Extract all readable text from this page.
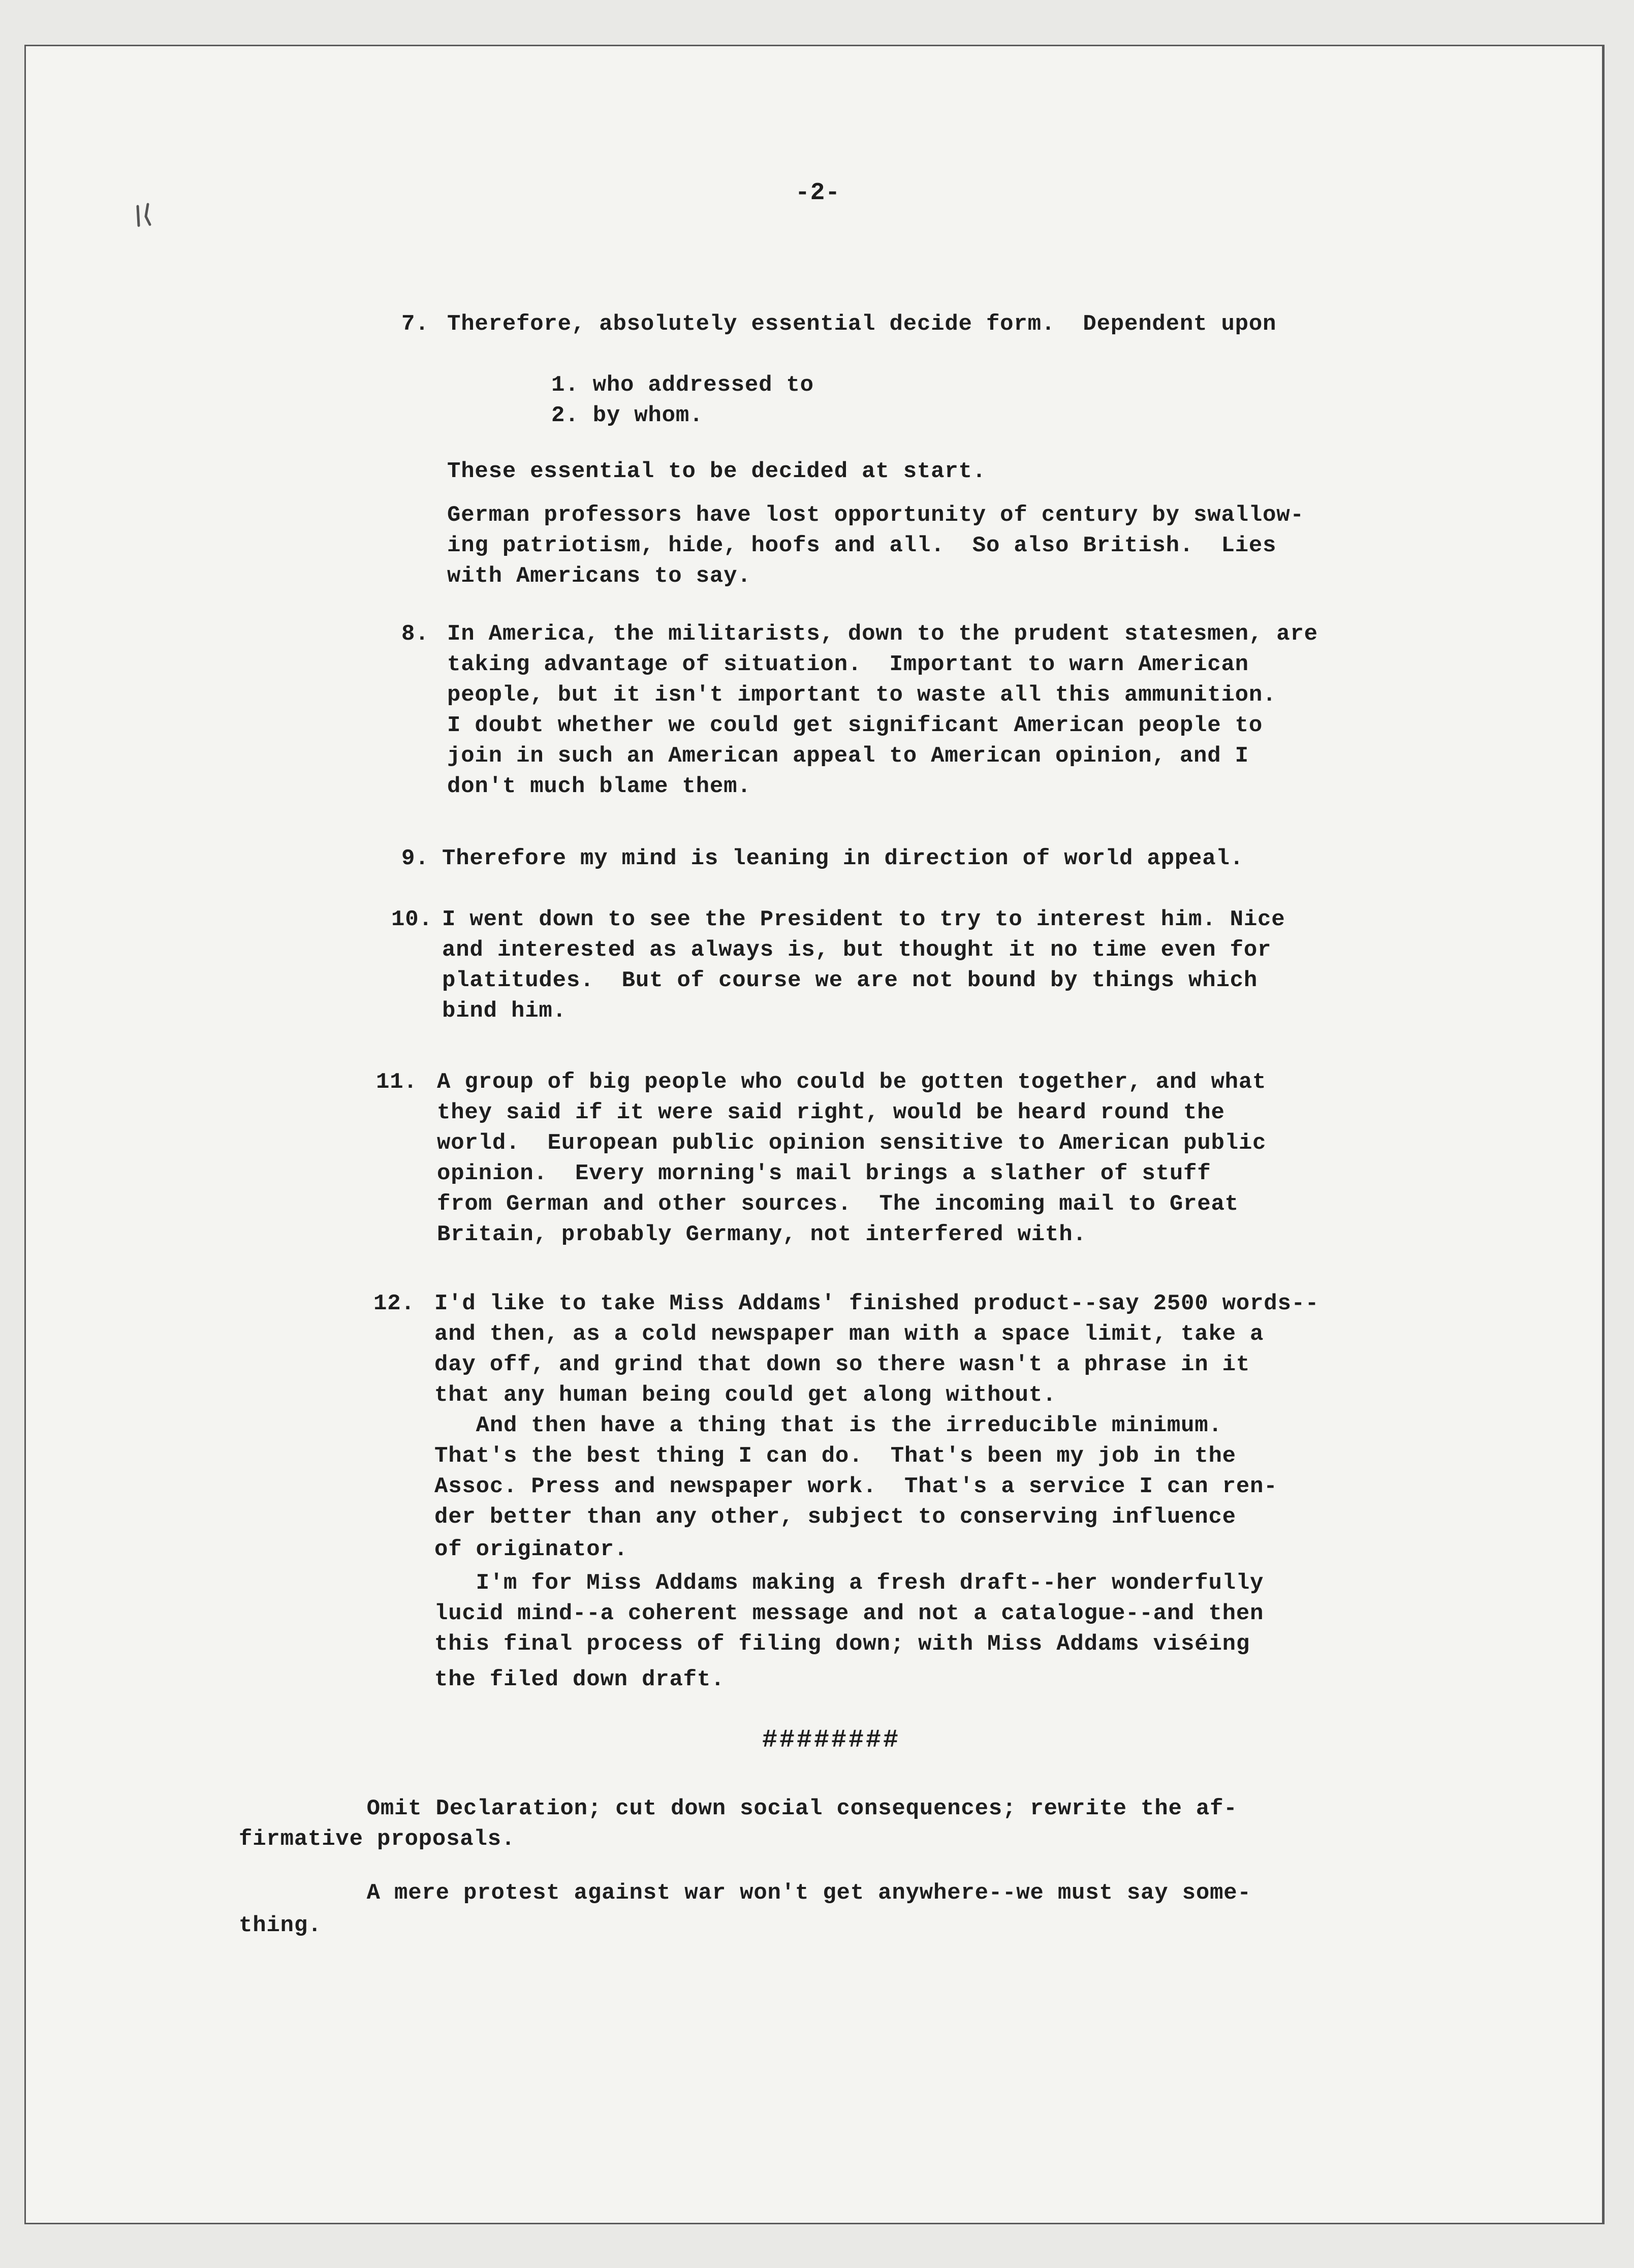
-2-
7. Therefore, absolutely essential decide form.  Dependent upon
1. who addressed to
2. by whom.
These essential to be decided at start.
German professors have lost opportunity of century by swallow-
ing patriotism, hide, hoofs and all.  So also British.  Lies
with Americans to say.
8. In America, the militarists, down to the prudent statesmen, are
taking advantage of situation.  Important to warn American
people, but it isn't important to waste all this ammunition.
I doubt whether we could get significant American people to
join in such an American appeal to American opinion, and I
don't much blame them.
9. Therefore my mind is leaning in direction of world appeal.
10. I went down to see the President to try to interest him. Nice
and interested as always is, but thought it no time even for
platitudes.  But of course we are not bound by things which
bind him.
11. A group of big people who could be gotten together, and what
they said if it were said right, would be heard round the
world.  European public opinion sensitive to American public
opinion.  Every morning's mail brings a slather of stuff
from German and other sources.  The incoming mail to Great
Britain, probably Germany, not interfered with.
12. I'd like to take Miss Addams' finished product--say 2500 words--
and then, as a cold newspaper man with a space limit, take a
day off, and grind that down so there wasn't a phrase in it
that any human being could get along without.
And then have a thing that is the irreducible minimum.
That's the best thing I can do.  That's been my job in the
Assoc. Press and newspaper work.  That's a service I can ren-
der better than any other, subject to conserving influence
of originator.
I'm for Miss Addams making a fresh draft--her wonderfully
lucid mind--a coherent message and not a catalogue--and then
this final process of filing down; with Miss Addams viséing
the filed down draft.
########
Omit Declaration; cut down social consequences; rewrite the af-
firmative proposals.
A mere protest against war won't get anywhere--we must say some-
thing.
